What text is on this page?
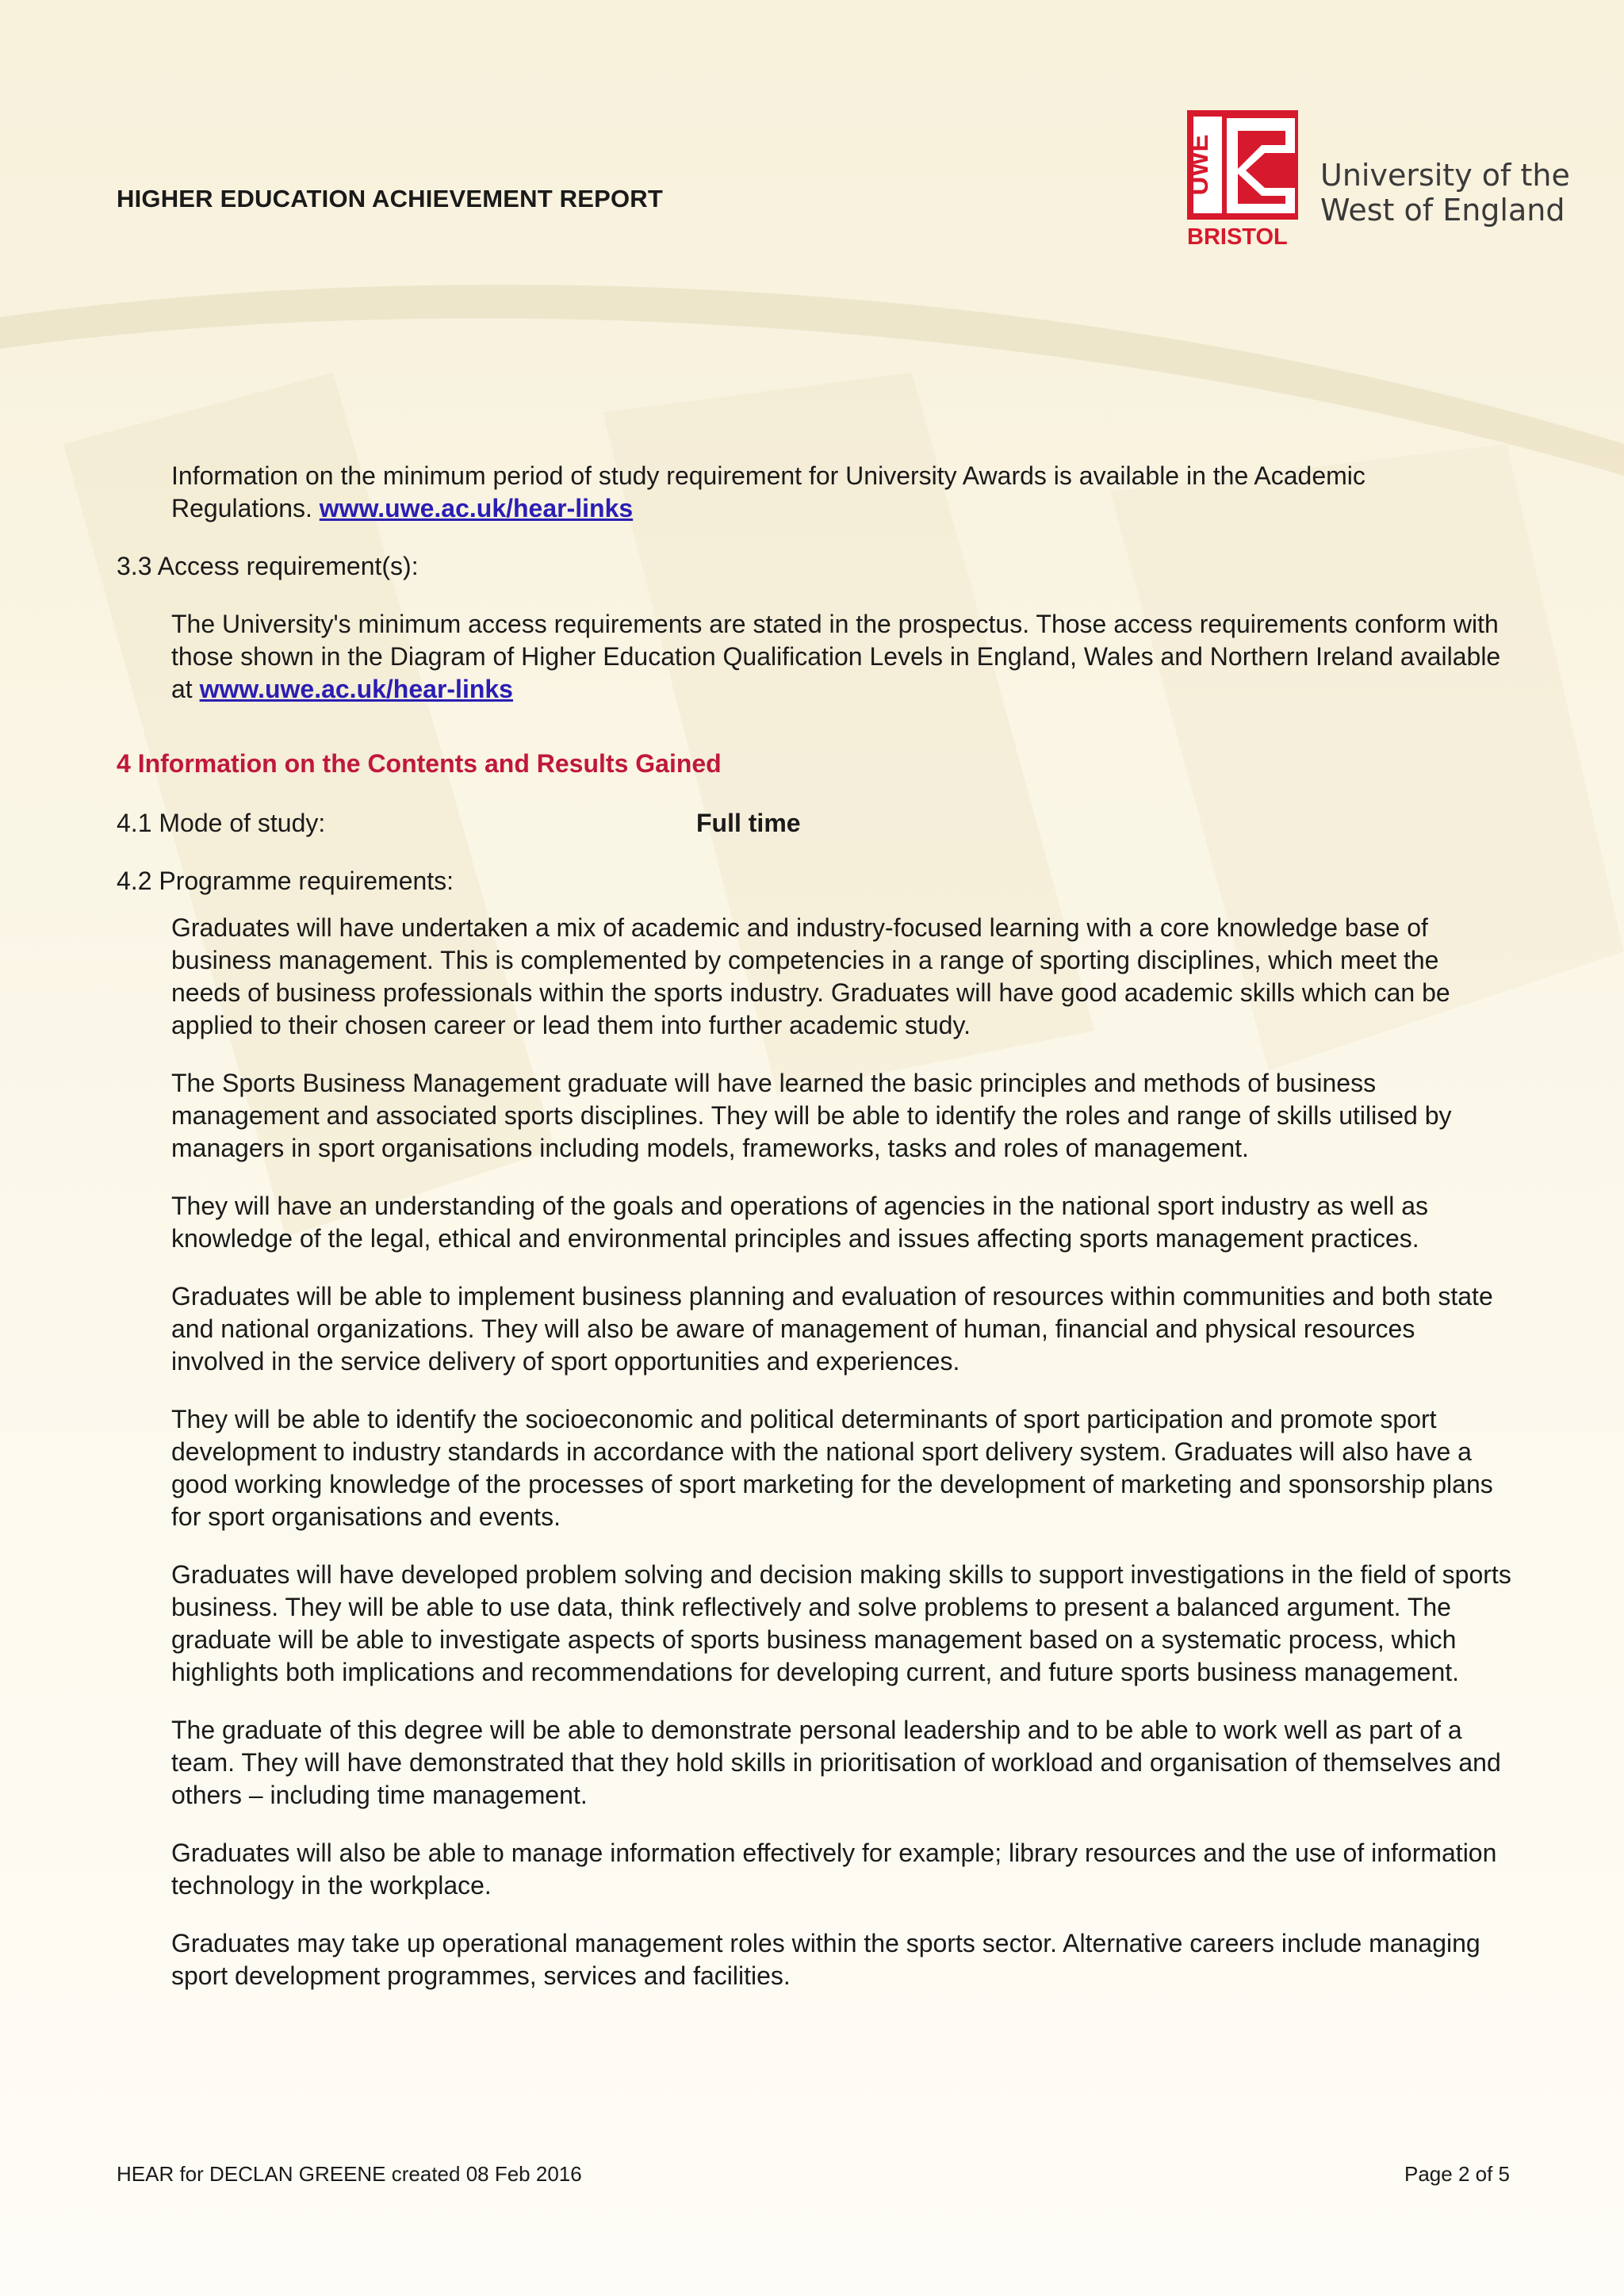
HIGHER EDUCATION ACHIEVEMENT REPORT
UWE
BRISTOL
University of the
West of England

Information on the minimum period of study requirement for University Awards is available in the Academic Regulations. www.uwe.ac.uk/hear-links

3.3 Access requirement(s):

The University's minimum access requirements are stated in the prospectus. Those access requirements conform with those shown in the Diagram of Higher Education Qualification Levels in England, Wales and Northern Ireland available at www.uwe.ac.uk/hear-links

4 Information on the Contents and Results Gained

4.1 Mode of study:	Full time

4.2 Programme requirements:

Graduates will have undertaken a mix of academic and industry-focused learning with a core knowledge base of business management. This is complemented by competencies in a range of sporting disciplines, which meet the needs of business professionals within the sports industry. Graduates will have good academic skills which can be applied to their chosen career or lead them into further academic study.

The Sports Business Management graduate will have learned the basic principles and methods of business management and associated sports disciplines. They will be able to identify the roles and range of skills utilised by managers in sport organisations including models, frameworks, tasks and roles of management.

They will have an understanding of the goals and operations of agencies in the national sport industry as well as knowledge of the legal, ethical and environmental principles and issues affecting sports management practices.

Graduates will be able to implement business planning and evaluation of resources within communities and both state and national organizations. They will also be aware of management of human, financial and physical resources involved in the service delivery of sport opportunities and experiences.

They will be able to identify the socioeconomic and political determinants of sport participation and promote sport development to industry standards in accordance with the national sport delivery system. Graduates will also have a good working knowledge of the processes of sport marketing for the development of marketing and sponsorship plans for sport organisations and events.

Graduates will have developed problem solving and decision making skills to support investigations in the field of sports business. They will be able to use data, think reflectively and solve problems to present a balanced argument. The graduate will be able to investigate aspects of sports business management based on a systematic process, which highlights both implications and recommendations for developing current, and future sports business management.

The graduate of this degree will be able to demonstrate personal leadership and to be able to work well as part of a team. They will have demonstrated that they hold skills in prioritisation of workload and organisation of themselves and others – including time management.

Graduates will also be able to manage information effectively for example; library resources and the use of information technology in the workplace.

Graduates may take up operational management roles within the sports sector. Alternative careers include managing sport development programmes, services and facilities.

HEAR for DECLAN GREENE created 08 Feb 2016	Page 2 of 5
